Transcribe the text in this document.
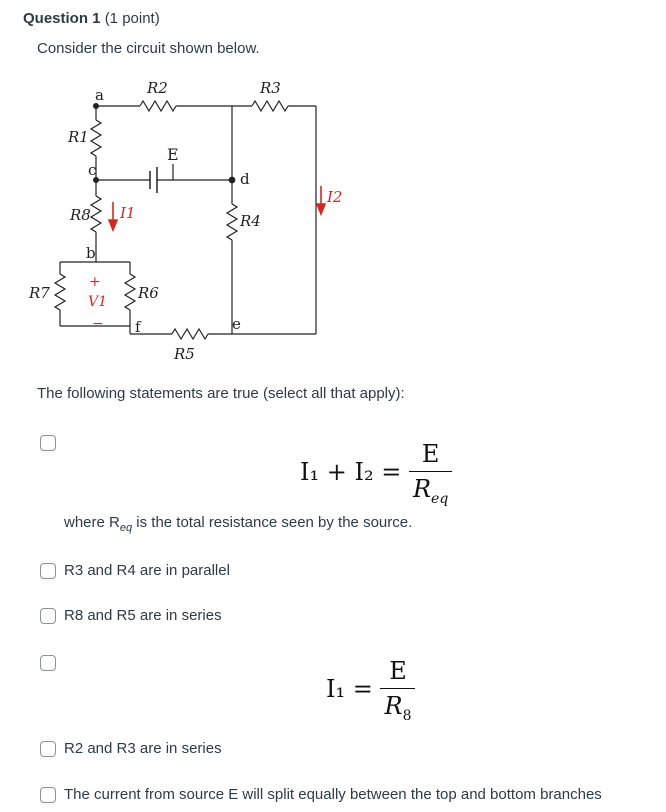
Question 1 (1 point)
Consider the circuit shown below.
a
c	d
b
f	e
E
R2	R3
R1
R8	R4
R7	R6
R5
I1
I2
+
V1
−
The following statements are true (select all that apply):
$I_1 + I_2 = \frac{E}{R_{eq}}$
where $R_{eq}$ is the total resistance seen by the source.
R3 and R4 are in parallel
R8 and R5 are in series
$I_1 = \frac{E}{R_8}$
R2 and R3 are in series
The current from source E will split equally between the top and bottom branches
